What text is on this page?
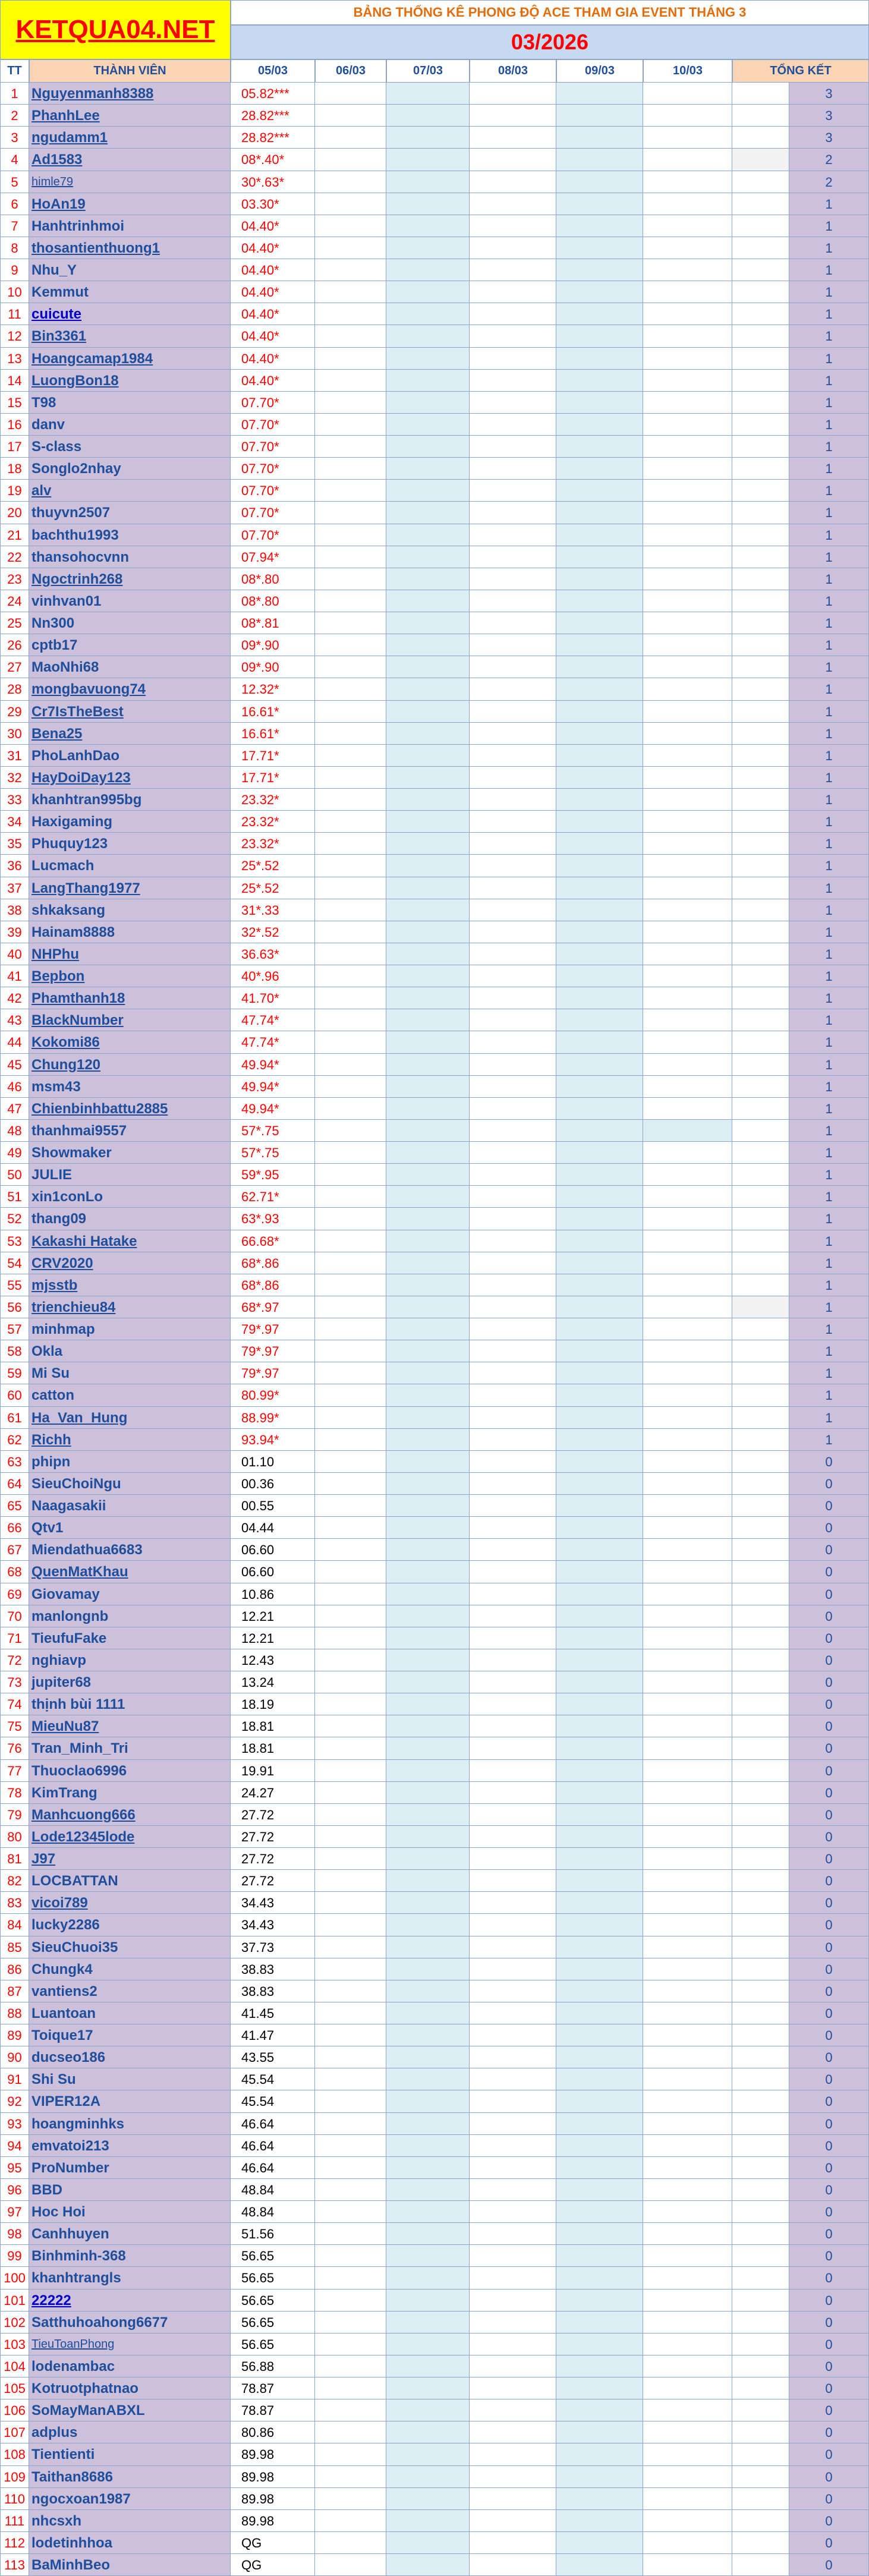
KETQUA04.NET
BẢNG THỐNG KÊ PHONG ĐỘ ACE THAM GIA EVENT THÁNG 3
03/2026
TT	THÀNH VIÊN	05/03	06/03	07/03	08/03	09/03	10/03	TỔNG KẾT
1 Nguyenmanh8388	05.82***	3
2 PhanhLee	28.82***	3
3 ngudamm1	28.82***	3
4 Ad1583	08*.40*	2
5	himle79	30*.63*	2
6 HoAn19	03.30*	1
7 Hanhtrinhmoi	04.40*	1
8 thosantienthuong1	04.40*	1
9 Nhu_Y	04.40*	1
10 Kemmut	04.40*	1
11 cuicute	04.40*	1
12 Bin3361	04.40*	1
13 Hoangcamap1984	04.40*	1
14 LuongBon18	04.40*	1
15 T98	07.70*	1
16 danv	07.70*	1
17 S-class	07.70*	1
18 Songlo2nhay	07.70*	1
19 alv	07.70*	1
20 thuyvn2507	07.70*	1
21 bachthu1993	07.70*	1
22 thansohocvnn	07.94*	1
23 Ngoctrinh268	08*.80	1
24 vinhvan01	08*.80	1
25 Nn300	08*.81	1
26 cptb17	09*.90	1
27 MaoNhi68	09*.90	1
28 mongbavuong74	12.32*	1
29 Cr7IsTheBest	16.61*	1
30 Bena25	16.61*	1
31 PhoLanhDao	17.71*	1
32 HayDoiDay123	17.71*	1
33 khanhtran995bg	23.32*	1
34 Haxigaming	23.32*	1
35 Phuquy123	23.32*	1
36 Lucmach	25*.52	1
37 LangThang1977	25*.52	1
38 shkaksang	31*.33	1
39 Hainam8888	32*.52	1
40 NHPhu	36.63*	1
41 Bepbon	40*.96	1
42 Phamthanh18	41.70*	1
43 BlackNumber	47.74*	1
44 Kokomi86	47.74*	1
45 Chung120	49.94*	1
46 msm43	49.94*	1
47 Chienbinhbattu2885	49.94*	1
48 thanhmai9557	57*.75	1
49 Showmaker	57*.75	1
50 JULIE	59*.95	1
51 xin1conLo	62.71*	1
52 thang09	63*.93	1
53 Kakashi Hatake	66.68*	1
54 CRV2020	68*.86	1
55 mjsstb	68*.86	1
56 trienchieu84	68*.97	1
57 minhmap	79*.97	1
58 Okla	79*.97	1
59 Mi Su	79*.97	1
60 catton	80.99*	1
61 Ha_Van_Hung	88.99*	1
62 Richh	93.94*	1
63 phipn	01.10	0
64 SieuChoiNgu	00.36	0
65 Naagasakii	00.55	0
66 Qtv1	04.44	0
67 Miendathua6683	06.60	0
68 QuenMatKhau	06.60	0
69 Giovamay	10.86	0
70 manlongnb	12.21	0
71 TieufuFake	12.21	0
72 nghiavp	12.43	0
73 jupiter68	13.24	0
74 thịnh bùi 1111	18.19	0
75 MieuNu87	18.81	0
76 Tran_Minh_Tri	18.81	0
77 Thuoclao6996	19.91	0
78 KimTrang	24.27	0
79 Manhcuong666	27.72	0
80 Lode12345lode	27.72	0
81 J97	27.72	0
82 LOCBATTAN	27.72	0
83 vicoi789	34.43	0
84 lucky2286	34.43	0
85 SieuChuoi35	37.73	0
86 Chungk4	38.83	0
87 vantiens2	38.83	0
88 Luantoan	41.45	0
89 Toique17	41.47	0
90 ducseo186	43.55	0
91 Shi Su	45.54	0
92 VIPER12A	45.54	0
93 hoangminhks	46.64	0
94 emvatoi213	46.64	0
95 ProNumber	46.64	0
96 BBD	48.84	0
97 Hoc Hoi	48.84	0
98 Canhhuyen	51.56	0
99 Binhminh-368	56.65	0
100 khanhtrangls	56.65	0
101 22222	56.65	0
102 Satthuhoahong6677	56.65	0
103 TieuToanPhong	56.65	0
104 lodenambac	56.88	0
105 Kotruotphatnao	78.87	0
106 SoMayManABXL	78.87	0
107 adplus	80.86	0
108 Tientienti	89.98	0
109 Taithan8686	89.98	0
110 ngocxoan1987	89.98	0
111 nhcsxh	89.98	0
112 lodetinhhoa	QG	0
113 BaMinhBeo	QG	0
